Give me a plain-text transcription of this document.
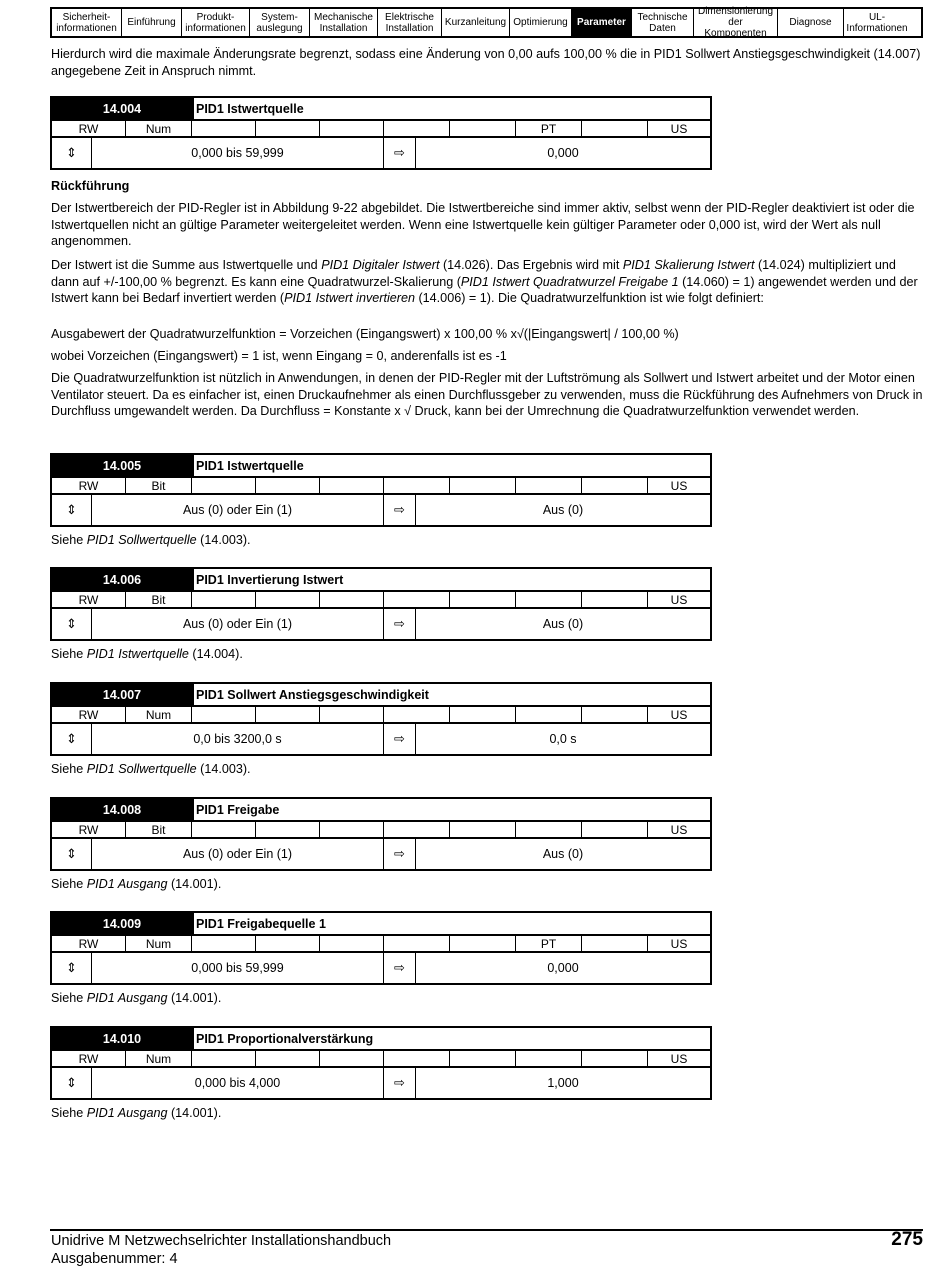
Sicherheit-
informationen	Einführung	Produkt-
informationen
System-
auslegung
Mechanische
Installation
Elektrische
Installation	Kurzanleitung Optimierung Parameter	Technische
Daten
Dimensionierung
der Komponenten
Diagnose	UL-
Informationen
Hierdurch wird die maximale Änderungsrate begrenzt, sodass eine Änderung von 0,00 aufs 100,00 % die in PID1 Sollwert Anstiegsgeschwindigkeit (14.007) angegebene Zeit in Anspruch nimmt.
14.004	PID1 Istwertquelle
RW	Num	PT	US
⇕	0,000 bis 59,999	⇨	0,000
14.005	PID1 Istwertquelle
RW	Bit	US
⇕	Aus (0) oder Ein (1)	⇨	Aus (0)
Siehe PID1 Sollwertquelle (14.003).
14.006	PID1 Invertierung Istwert
RW	Bit	US
⇕	Aus (0) oder Ein (1)	⇨	Aus (0)
Siehe PID1 Istwertquelle (14.004).
14.007	PID1 Sollwert Anstiegsgeschwindigkeit
RW	Num	US
⇕	0,0 bis 3200,0 s	⇨	0,0 s
Siehe PID1 Sollwertquelle (14.003).
14.008	PID1 Freigabe
RW	Bit	US
⇕	Aus (0) oder Ein (1)	⇨	Aus (0)
Siehe PID1 Ausgang (14.001).
14.009	PID1 Freigabequelle 1
RW	Num	PT	US
⇕	0,000 bis 59,999	⇨	0,000
Siehe PID1 Ausgang (14.001).
14.010	PID1 Proportionalverstärkung
RW	Num	US
⇕	0,000 bis 4,000	⇨	1,000
Siehe PID1 Ausgang (14.001).
Rückführung
Der Istwertbereich der PID-Regler ist in Abbildung 9-22 abgebildet. Die Istwertbereiche sind immer aktiv, selbst wenn der PID-Regler deaktiviert ist oder die Istwertquellen nicht an gültige Parameter weitergeleitet werden. Wenn eine Istwertquelle kein gültiger Parameter oder 0,000 ist, wird der Wert als null angenommen.
Der Istwert ist die Summe aus Istwertquelle und PID1 Digitaler Istwert (14.026). Das Ergebnis wird mit PID1 Skalierung Istwert (14.024) multipliziert und dann auf +/-100,00 % begrenzt. Es kann eine Quadratwurzel-Skalierung (PID1 Istwert Quadratwurzel Freigabe 1 (14.060) = 1) angewendet werden und der Istwert kann bei Bedarf invertiert werden (PID1 Istwert invertieren (14.006) = 1). Die Quadratwurzelfunktion ist wie folgt definiert:
Ausgabewert der Quadratwurzelfunktion = Vorzeichen (Eingangswert) x 100,00 % x√(|Eingangswert| / 100,00 %)
wobei Vorzeichen (Eingangswert) = 1 ist, wenn Eingang = 0, anderenfalls ist es -1
Die Quadratwurzelfunktion ist nützlich in Anwendungen, in denen der PID-Regler mit der Luftströmung als Sollwert und Istwert arbeitet und der Motor einen Ventilator steuert. Da es einfacher ist, einen Druckaufnehmer als einen Durchflussgeber zu verwenden, muss die Rückführung des Aufnehmers von Druck in Durchfluss umgewandelt werden. Da Durchfluss = Konstante x √ Druck, kann bei der Umrechnung die Quadratwurzelfunktion verwendet werden.
Unidrive M Netzwechselrichter Installationshandbuch
Ausgabenummer: 4
275
